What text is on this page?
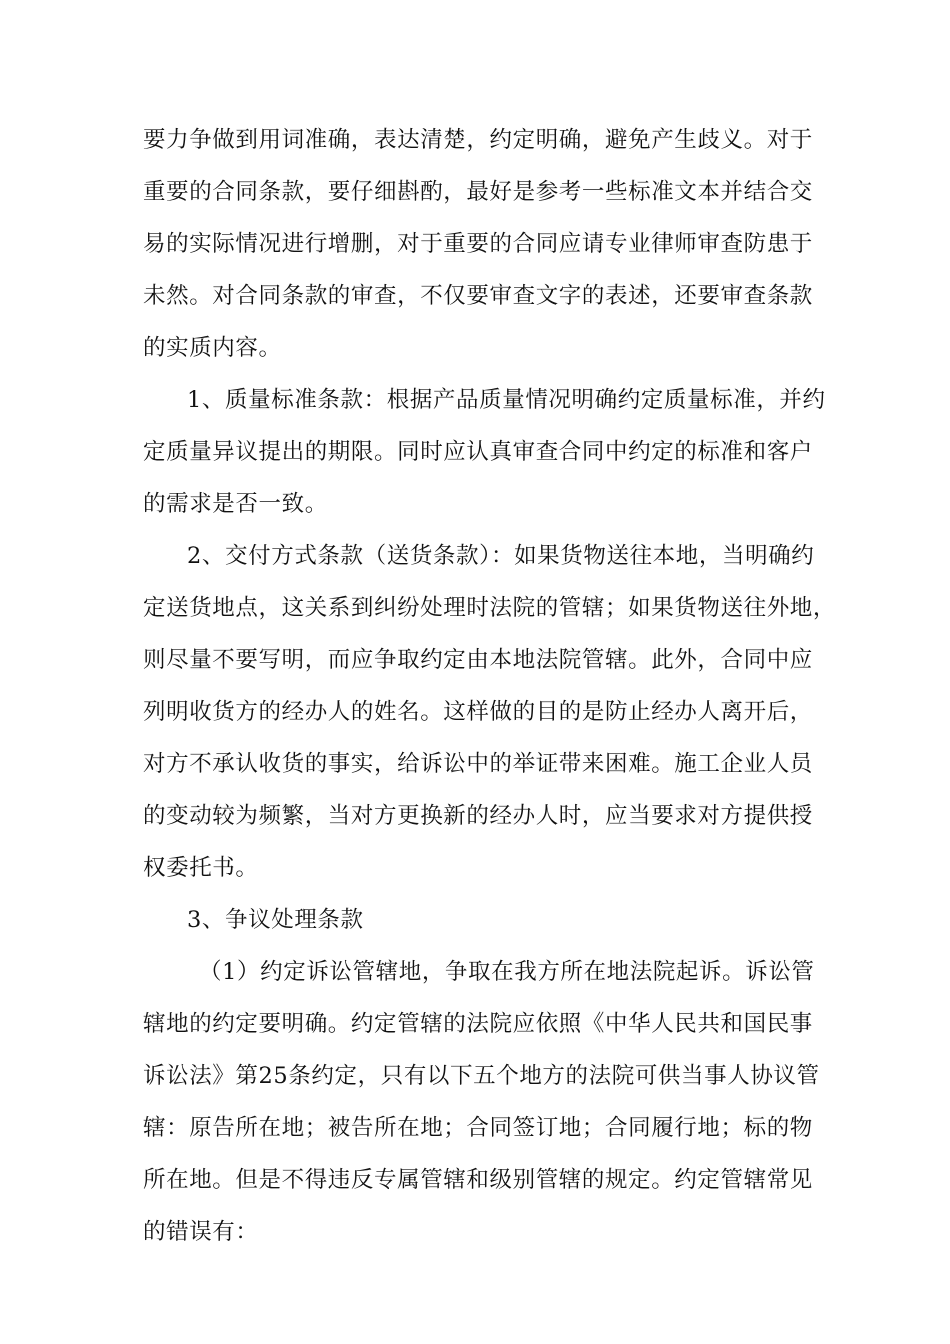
要力争做到用词准确，表达清楚，约定明确，避免产生歧义。对于
重要的合同条款，要仔细斟酌，最好是参考一些标准文本并结合交
易的实际情况进行增删，对于重要的合同应请专业律师审查防患于
未然。对合同条款的审查，不仅要审查文字的表述，还要审查条款
的实质内容。
1、质量标准条款：根据产品质量情况明确约定质量标准，并约
定质量异议提出的期限。同时应认真审查合同中约定的标准和客户
的需求是否一致。
2、交付方式条款（送货条款）：如果货物送往本地，当明确约
定送货地点，这关系到纠纷处理时法院的管辖；如果货物送往外地，
则尽量不要写明，而应争取约定由本地法院管辖。此外，合同中应
列明收货方的经办人的姓名。这样做的目的是防止经办人离开后，
对方不承认收货的事实，给诉讼中的举证带来困难。施工企业人员
的变动较为频繁，当对方更换新的经办人时，应当要求对方提供授
权委托书。
3、争议处理条款
（1）约定诉讼管辖地，争取在我方所在地法院起诉。诉讼管
辖地的约定要明确。约定管辖的法院应依照《中华人民共和国民事
诉讼法》第25条约定，只有以下五个地方的法院可供当事人协议管
辖：原告所在地；被告所在地；合同签订地；合同履行地；标的物
所在地。但是不得违反专属管辖和级别管辖的规定。约定管辖常见
的错误有：
